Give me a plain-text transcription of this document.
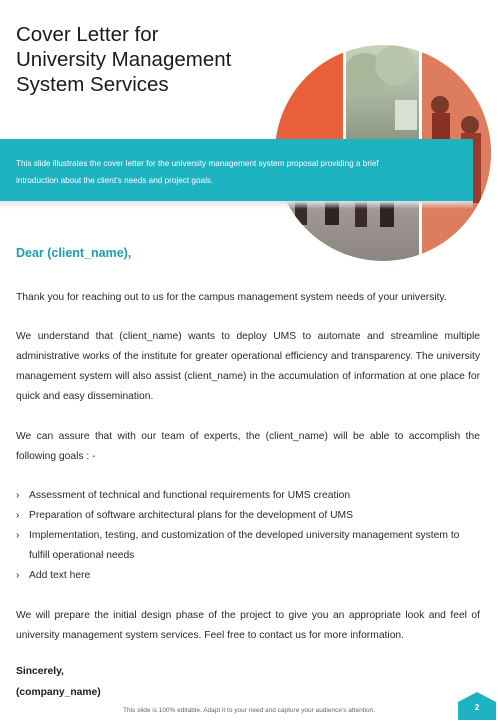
Cover Letter for
University Management
System Services

This slide illustrates the cover letter for the university management system proposal providing a brief introduction about the client's needs and project goals.

Dear (client_name),

Thank you for reaching out to us for the campus management system needs of your university.

We understand that (client_name) wants to deploy UMS to automate and streamline multiple administrative works of the institute for greater operational efficiency and transparency. The university management system will also assist (client_name) in the accumulation of information at one place for quick and easy dissemination.

We can assure that with our team of experts, the (client_name) will be able to accomplish the following goals : -

› Assessment of technical and functional requirements for UMS creation
› Preparation of software architectural plans for the development of UMS
› Implementation, testing, and customization of the developed university management system to fulfill operational needs
› Add text here

We will prepare the initial design phase of the project to give you an appropriate look and feel of university management system services. Feel free to contact us for more information.

Sincerely,
(company_name)

This slide is 100% editable. Adapt it to your need and capture your audience's attention.	2
